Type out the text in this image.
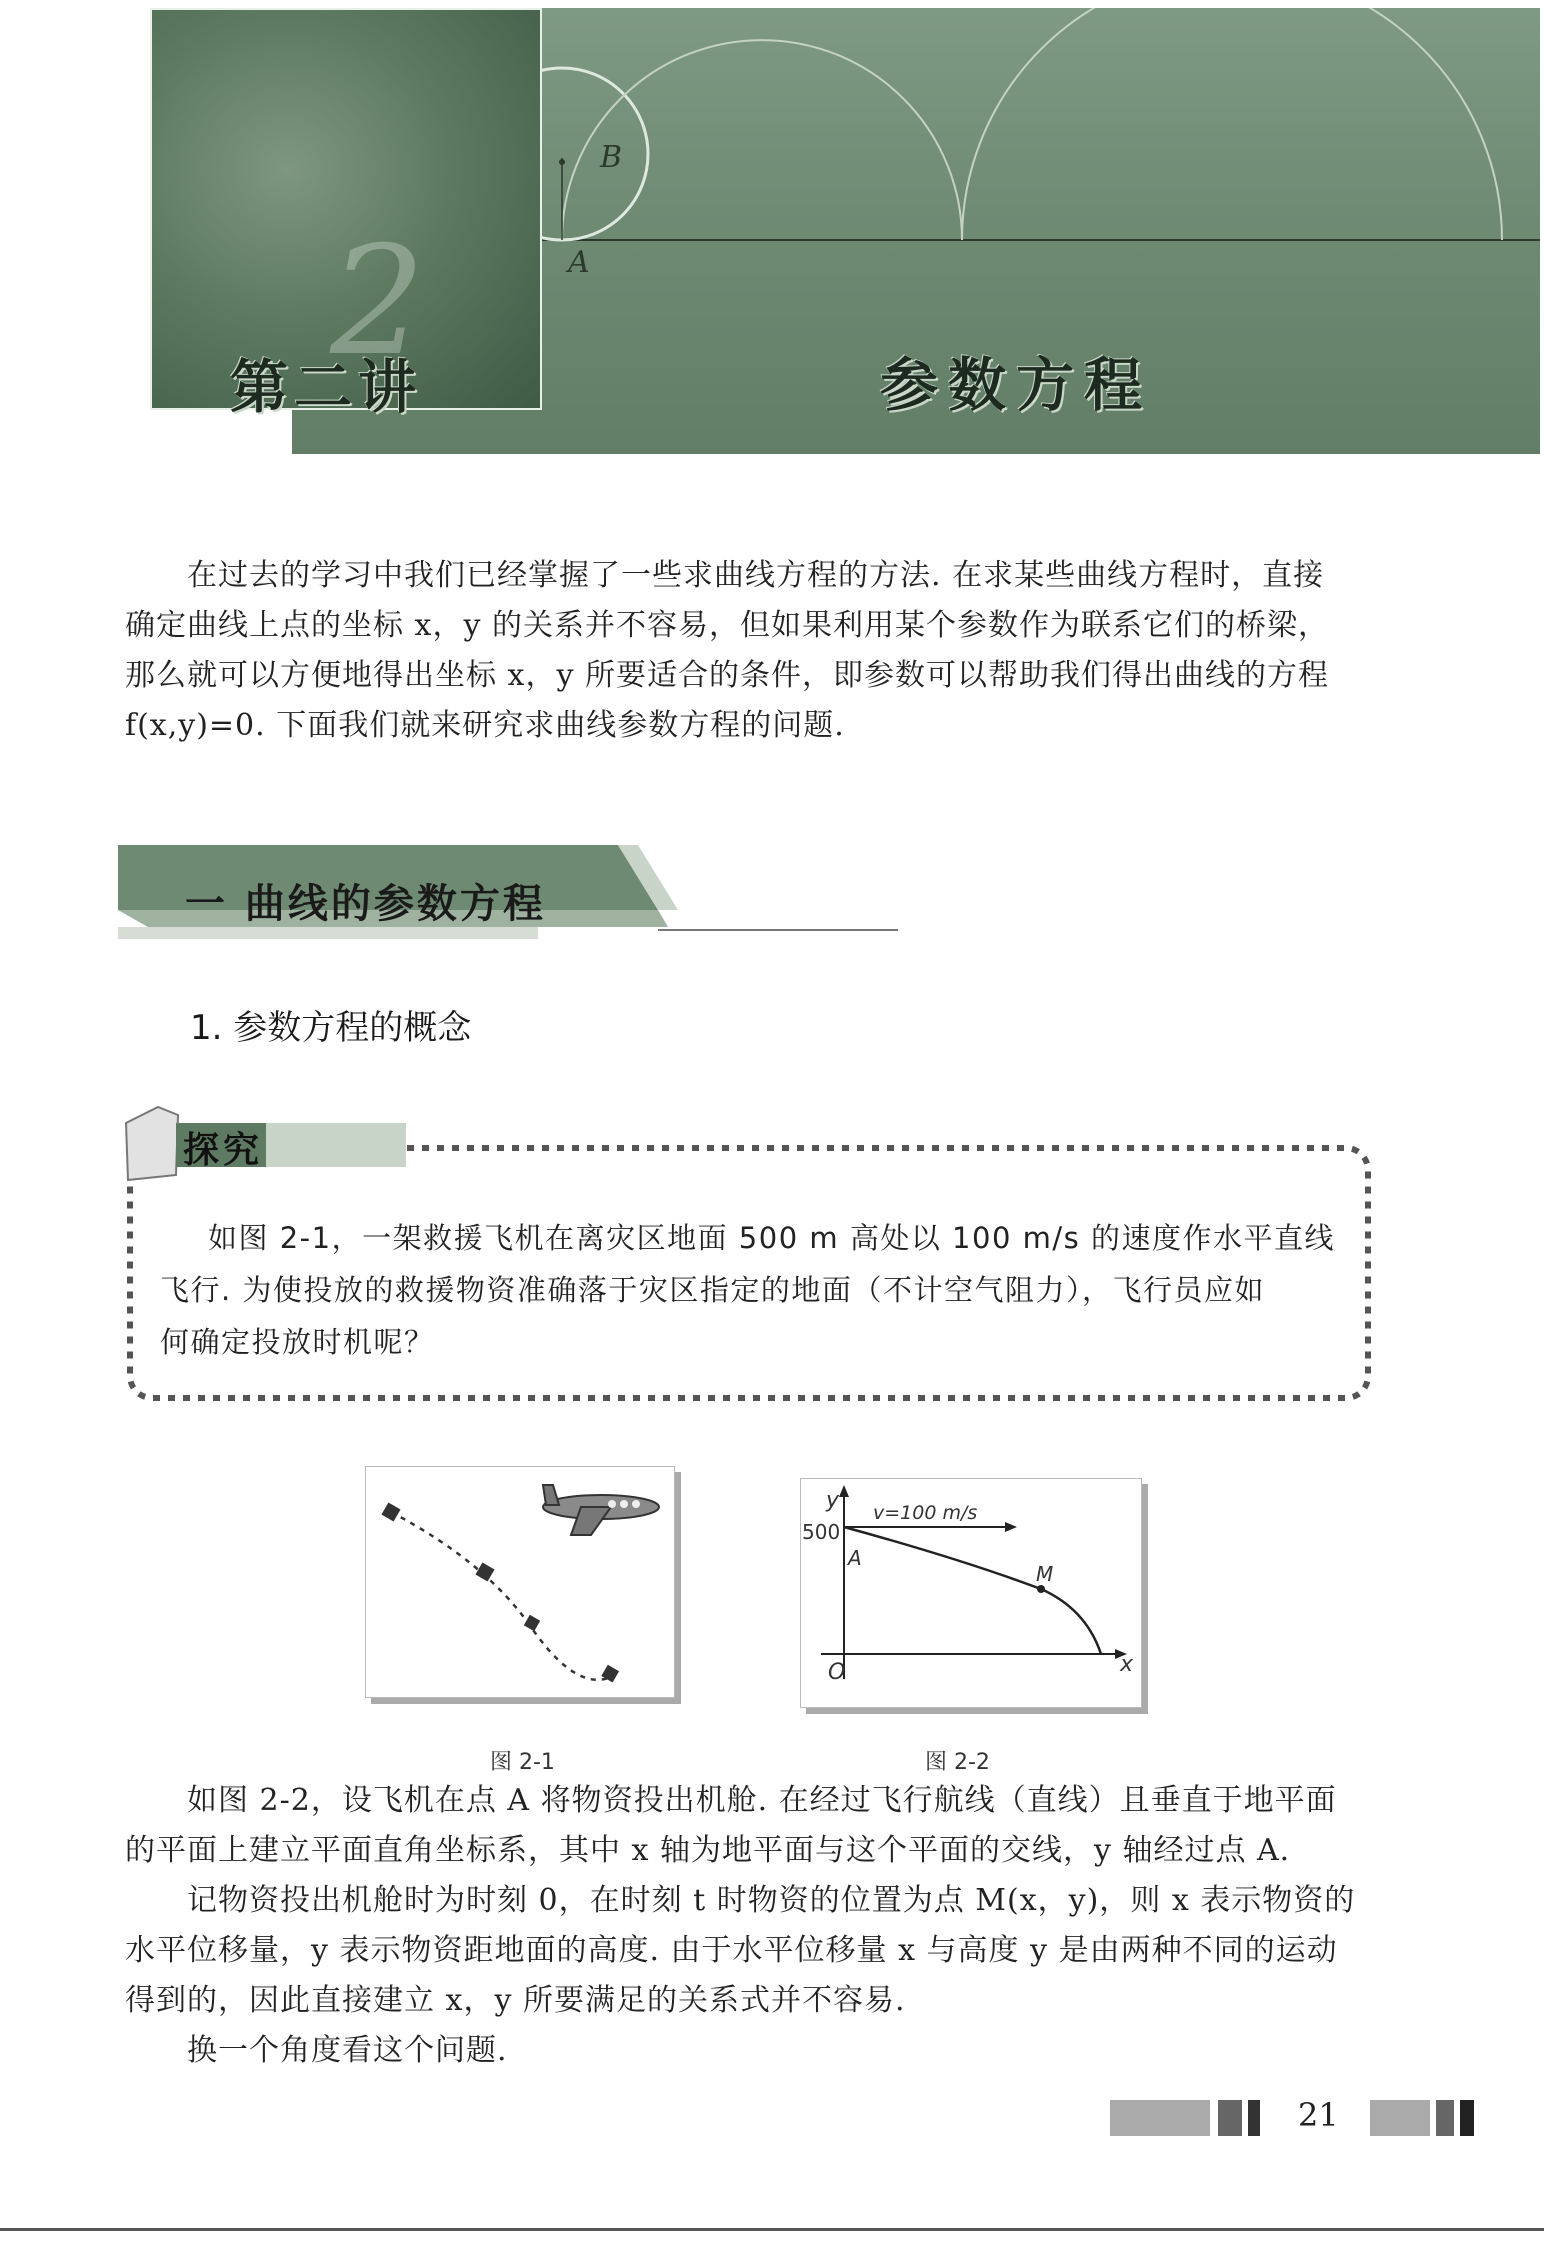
B
A
2
第二讲	参数方程
在过去的学习中我们已经掌握了一些求曲线方程的方法. 在求某些曲线方程时，直接
确定曲线上点的坐标 x，y 的关系并不容易，但如果利用某个参数作为联系它们的桥梁，
那么就可以方便地得出坐标 x，y 所要适合的条件，即参数可以帮助我们得出曲线的方程
f(x,y)=0. 下面我们就来研究求曲线参数方程的问题.
一 曲线的参数方程
1. 参数方程的概念
探究
如图 2-1，一架救援飞机在离灾区地面 500 m 高处以 100 m/s 的速度作水平直线
飞行. 为使投放的救援物资准确落于灾区指定的地面（不计空气阻力），飞行员应如
何确定投放时机呢？
图 2-1
y
x
O
500
A
M
v=100 m/s
图 2-2
如图 2-2，设飞机在点 A 将物资投出机舱. 在经过飞行航线（直线）且垂直于地平面
的平面上建立平面直角坐标系，其中 x 轴为地平面与这个平面的交线，y 轴经过点 A.
记物资投出机舱时为时刻 0，在时刻 t 时物资的位置为点 M(x，y)，则 x 表示物资的
水平位移量，y 表示物资距地面的高度. 由于水平位移量 x 与高度 y 是由两种不同的运动
得到的，因此直接建立 x，y 所要满足的关系式并不容易.
换一个角度看这个问题.
21
